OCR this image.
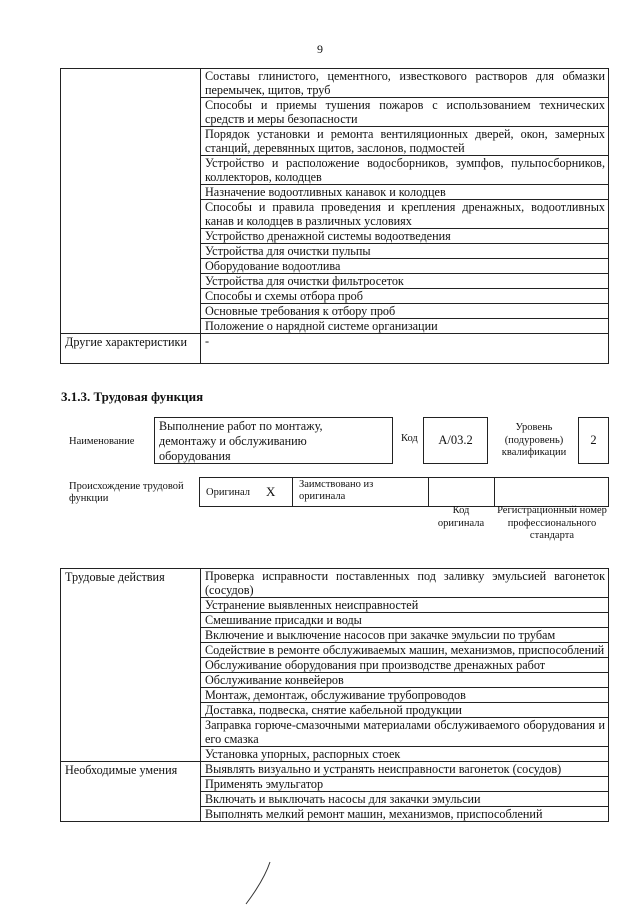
9
	Составы глинистого, цементного, известкового растворов для обмазки перемычек, щитов, труб
	Способы и приемы тушения пожаров с использованием технических средств и меры безопасности
	Порядок установки и ремонта вентиляционных дверей, окон, замерных станций, деревянных щитов, заслонов, подмостей
	Устройство и расположение водосборников, зумпфов, пульпосборников, коллекторов, колодцев
	Назначение водоотливных канавок и колодцев
	Способы и правила проведения и крепления дренажных, водоотливных канав и колодцев в различных условиях
	Устройство дренажной системы водоотведения
	Устройства для очистки пульпы
	Оборудование водоотлива
	Устройства для очистки фильтросеток
	Способы и схемы отбора проб
	Основные требования к отбору проб
	Положение о нарядной системе организации
Другие характеристики	-
3.1.3. Трудовая функция
Наименование
Выполнение работ по монтажу, демонтажу и обслуживанию оборудования
Код	A/03.2
Уровень (подуровень) квалификации
2
Происхождение трудовой функции
Оригинал X Заимствовано из оригинала
Код оригинала
Регистрационный номер профессионального стандарта
Трудовые действия	Проверка исправности поставленных под заливку эмульсией вагонеток (сосудов)
	Устранение выявленных неисправностей
	Смешивание присадки и воды
	Включение и выключение насосов при закачке эмульсии по трубам
	Содействие в ремонте обслуживаемых машин, механизмов, приспособлений
	Обслуживание оборудования при производстве дренажных работ
	Обслуживание конвейеров
	Монтаж, демонтаж, обслуживание трубопроводов
	Доставка, подвеска, снятие кабельной продукции
	Заправка горюче-смазочными материалами обслуживаемого оборудования и его смазка
	Установка упорных, распорных стоек
Необходимые умения	Выявлять визуально и устранять неисправности вагонеток (сосудов)
	Применять эмульгатор
	Включать и выключать насосы для закачки эмульсии
	Выполнять мелкий ремонт машин, механизмов, приспособлений
